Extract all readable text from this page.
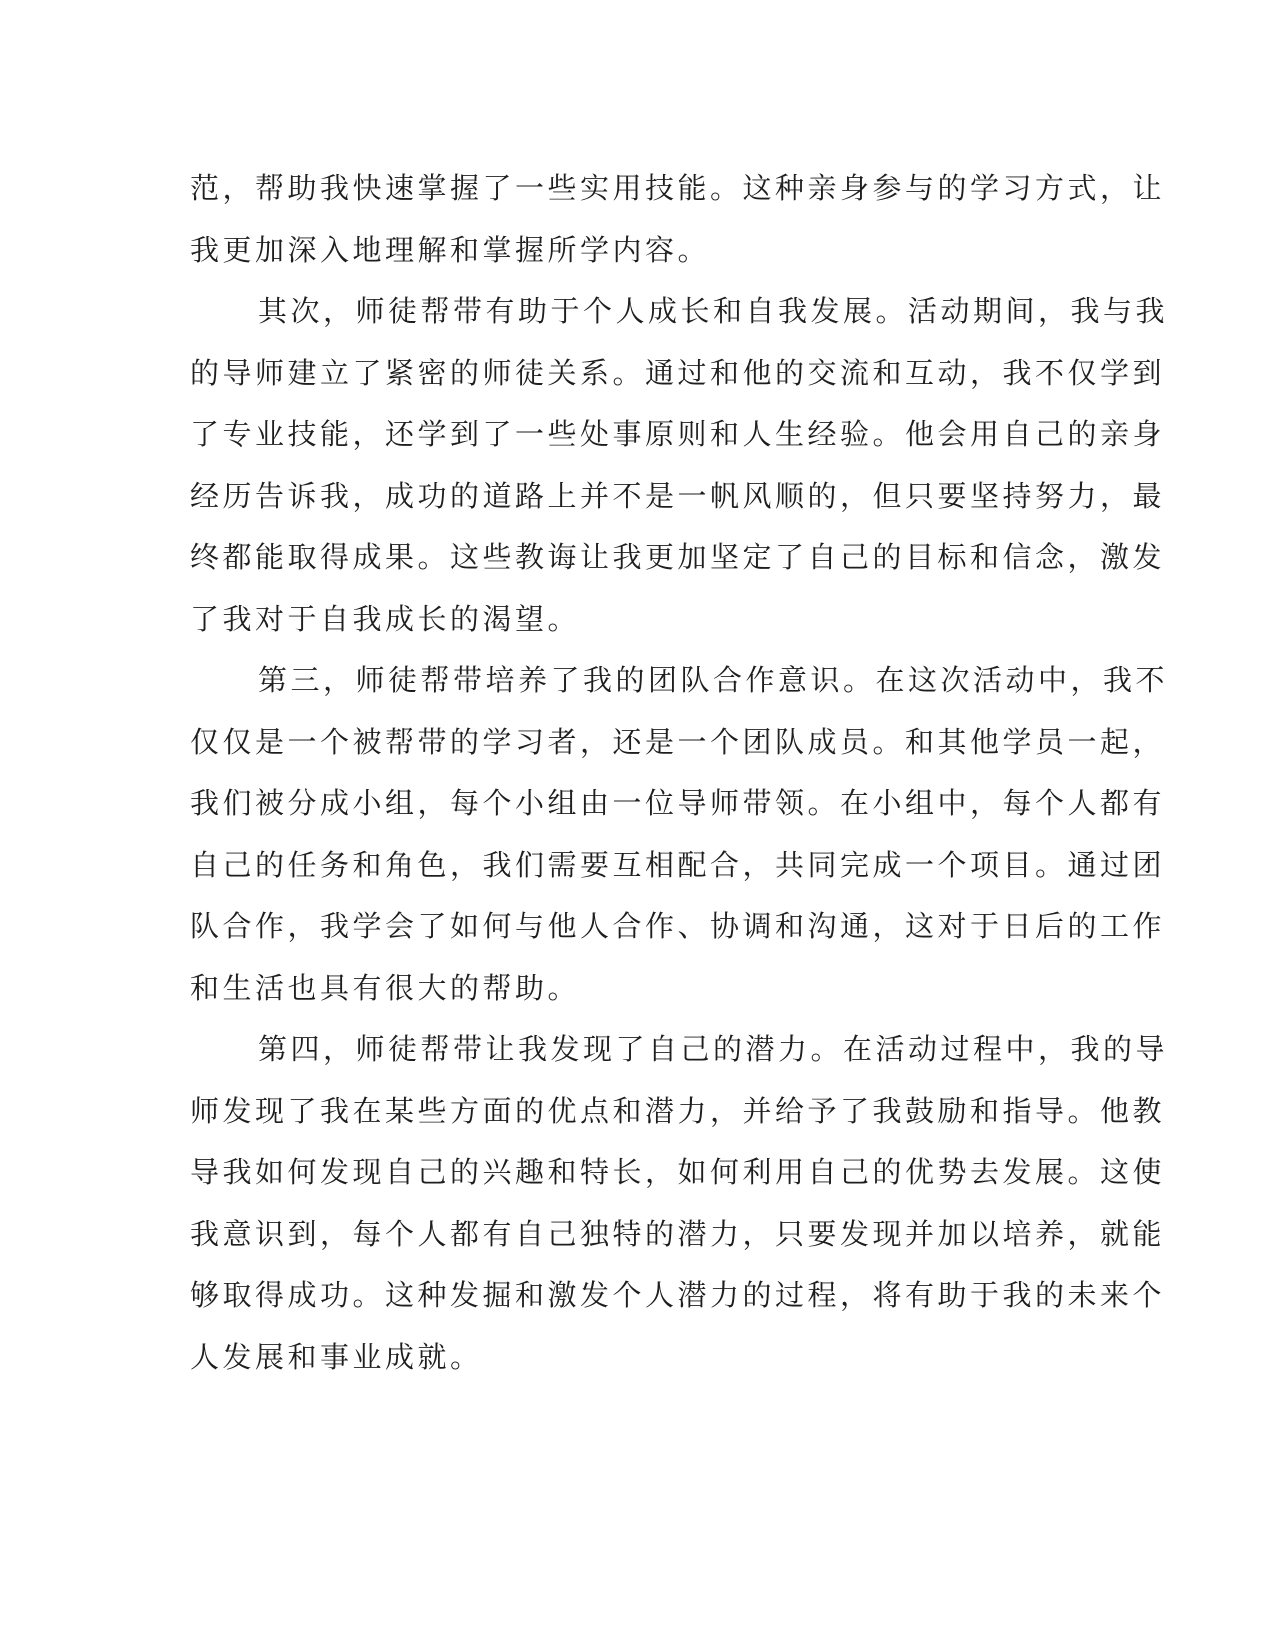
范，帮助我快速掌握了一些实用技能。这种亲身参与的学习方式，让
我更加深入地理解和掌握所学内容。
其次，师徒帮带有助于个人成长和自我发展。活动期间，我与我
的导师建立了紧密的师徒关系。通过和他的交流和互动，我不仅学到
了专业技能，还学到了一些处事原则和人生经验。他会用自己的亲身
经历告诉我，成功的道路上并不是一帆风顺的，但只要坚持努力，最
终都能取得成果。这些教诲让我更加坚定了自己的目标和信念，激发
了我对于自我成长的渴望。
第三，师徒帮带培养了我的团队合作意识。在这次活动中，我不
仅仅是一个被帮带的学习者，还是一个团队成员。和其他学员一起，
我们被分成小组，每个小组由一位导师带领。在小组中，每个人都有
自己的任务和角色，我们需要互相配合，共同完成一个项目。通过团
队合作，我学会了如何与他人合作、协调和沟通，这对于日后的工作
和生活也具有很大的帮助。
第四，师徒帮带让我发现了自己的潜力。在活动过程中，我的导
师发现了我在某些方面的优点和潜力，并给予了我鼓励和指导。他教
导我如何发现自己的兴趣和特长，如何利用自己的优势去发展。这使
我意识到，每个人都有自己独特的潜力，只要发现并加以培养，就能
够取得成功。这种发掘和激发个人潜力的过程，将有助于我的未来个
人发展和事业成就。
